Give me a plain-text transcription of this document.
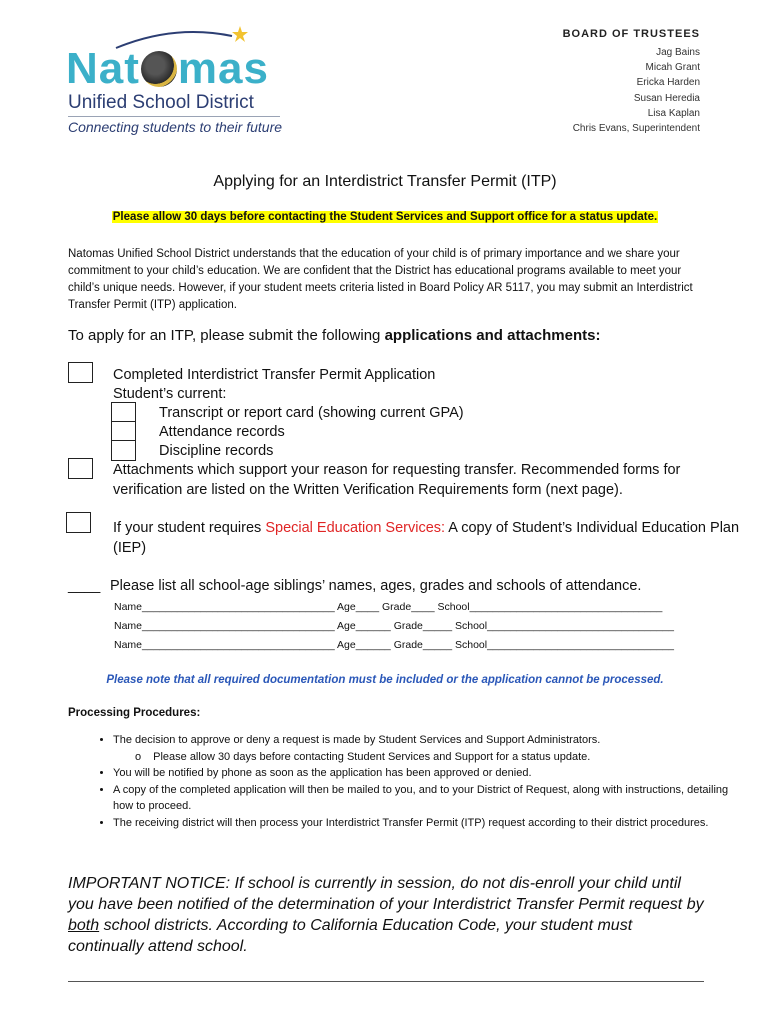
Nat mas
Unified School District
Connecting students to their future
BOARD OF TRUSTEES
Jag Bains
Micah Grant
Ericka Harden
Susan Heredia
Lisa Kaplan
Chris Evans, Superintendent
Applying for an Interdistrict Transfer Permit (ITP)
Please allow 30 days before contacting the Student Services and Support office for a status update.
Natomas Unified School District understands that the education of your child is of primary importance and we share your commitment to your child’s education. We are confident that the District has educational programs available to meet your child’s unique needs. However, if your student meets criteria listed in Board Policy AR 5117, you may submit an Interdistrict Transfer Permit (ITP) application.
To apply for an ITP, please submit the following applications and attachments:
Completed Interdistrict Transfer Permit Application
Student’s current:
Transcript or report card (showing current GPA)
Attendance records
Discipline records
Attachments which support your reason for requesting transfer. Recommended forms for
verification are listed on the Written Verification Requirements form (next page).
If your student requires Special Education Services: A copy of Student’s Individual Education Plan
(IEP)
____ Please list all school-age siblings’ names, ages, grades and schools of attendance.
Name_________________________________ Age____ Grade____ School_________________________________
Name_________________________________ Age______ Grade_____ School________________________________
Name_________________________________ Age______ Grade_____ School________________________________
Please note that all required documentation must be included or the application cannot be processed.
Processing Procedures:
• The decision to approve or deny a request is made by Student Services and Support Administrators.
o Please allow 30 days before contacting Student Services and Support for a status update.
• You will be notified by phone as soon as the application has been approved or denied.
• A copy of the completed application will then be mailed to you, and to your District of Request, along with instructions, detailing how to proceed.
• The receiving district will then process your Interdistrict Transfer Permit (ITP) request according to their district procedures.
IMPORTANT NOTICE: If school is currently in session, do not dis-enroll your child until you have been notified of the determination of your Interdistrict Transfer Permit request by both school districts. According to California Education Code, your student must continually attend school.
